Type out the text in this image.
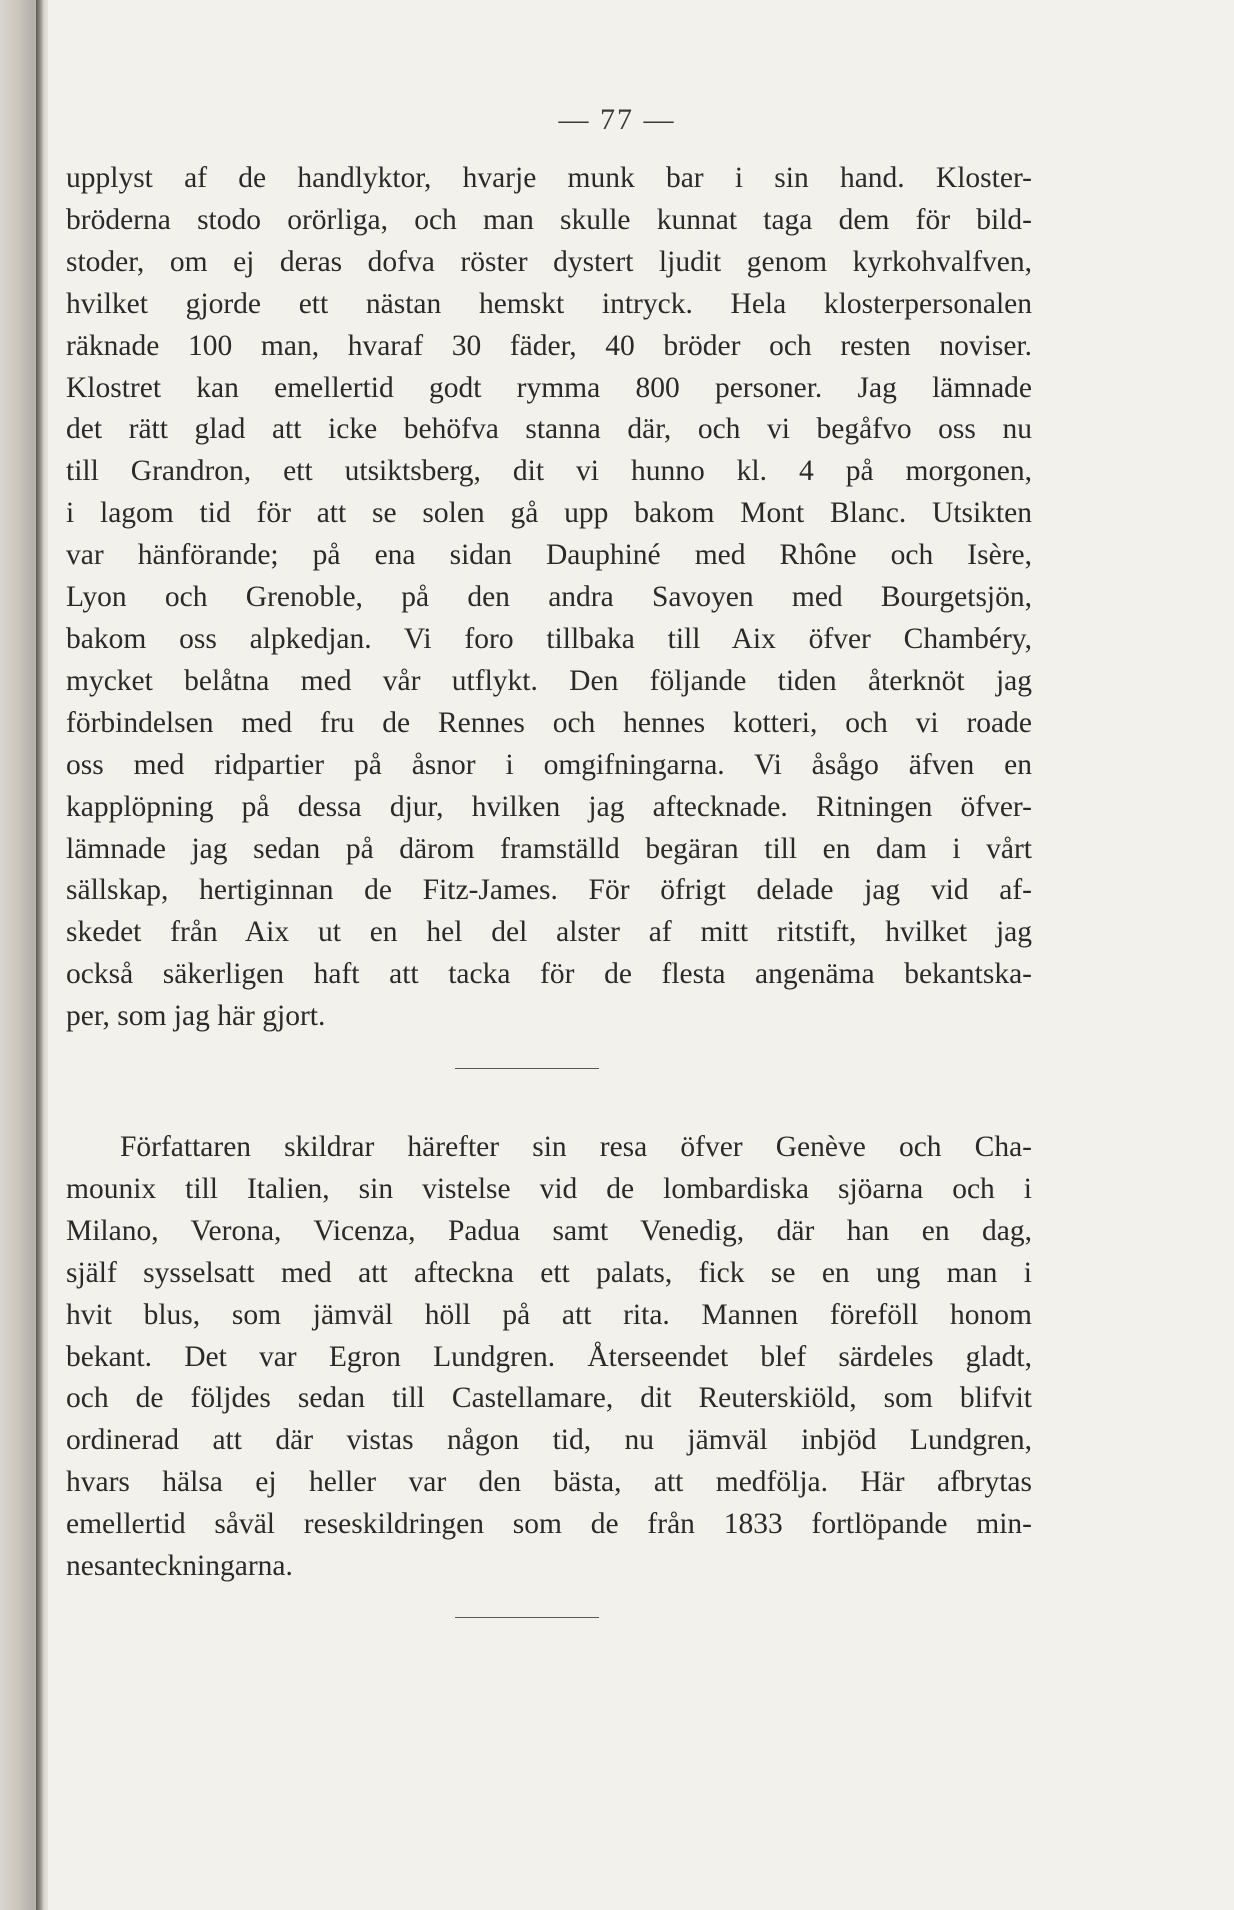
— 77 —
upplyst af de handlyktor, hvarje munk bar i sin hand. Kloster-
bröderna stodo orörliga, och man skulle kunnat taga dem för bild-
stoder, om ej deras dofva röster dystert ljudit genom kyrkohvalfven,
hvilket gjorde ett nästan hemskt intryck. Hela klosterpersonalen
räknade 100 man, hvaraf 30 fäder, 40 bröder och resten noviser.
Klostret kan emellertid godt rymma 800 personer. Jag lämnade
det rätt glad att icke behöfva stanna där, och vi begåfvo oss nu
till Grandron, ett utsiktsberg, dit vi hunno kl. 4 på morgonen,
i lagom tid för att se solen gå upp bakom Mont Blanc. Utsikten
var hänförande; på ena sidan Dauphiné med Rhône och Isère,
Lyon och Grenoble, på den andra Savoyen med Bourgetsjön,
bakom oss alpkedjan. Vi foro tillbaka till Aix öfver Chambéry,
mycket belåtna med vår utflykt. Den följande tiden återknöt jag
förbindelsen med fru de Rennes och hennes kotteri, och vi roade
oss med ridpartier på åsnor i omgifningarna. Vi åsågo äfven en
kapplöpning på dessa djur, hvilken jag aftecknade. Ritningen öfver-
lämnade jag sedan på därom framställd begäran till en dam i vårt
sällskap, hertiginnan de Fitz-James. För öfrigt delade jag vid af-
skedet från Aix ut en hel del alster af mitt ritstift, hvilket jag
också säkerligen haft att tacka för de flesta angenäma bekantska-
per, som jag här gjort.
Författaren skildrar härefter sin resa öfver Genève och Cha-
mounix till Italien, sin vistelse vid de lombardiska sjöarna och i
Milano, Verona, Vicenza, Padua samt Venedig, där han en dag,
själf sysselsatt med att afteckna ett palats, fick se en ung man i
hvit blus, som jämväl höll på att rita. Mannen föreföll honom
bekant. Det var Egron Lundgren. Återseendet blef särdeles gladt,
och de följdes sedan till Castellamare, dit Reuterskiöld, som blifvit
ordinerad att där vistas någon tid, nu jämväl inbjöd Lundgren,
hvars hälsa ej heller var den bästa, att medfölja. Här afbrytas
emellertid såväl reseskildringen som de från 1833 fortlöpande min-
nesanteckningarna.
